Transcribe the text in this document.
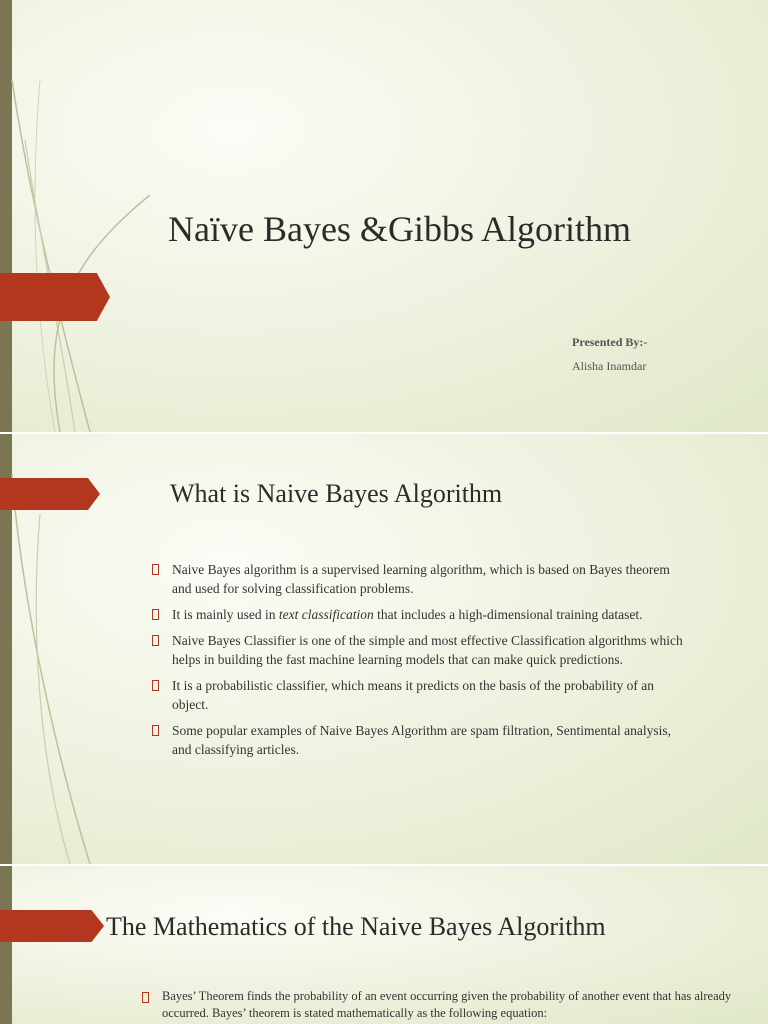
Naïve Bayes &Gibbs Algorithm
Presented By:-
Alisha Inamdar
What is Naive Bayes Algorithm
Naive Bayes algorithm is a supervised learning algorithm, which is based on Bayes theorem and used for solving classification problems.
It is mainly used in text classification that includes a high-dimensional training dataset.
Naive Bayes Classifier is one of the simple and most effective Classification algorithms which helps in building the fast machine learning models that can make quick predictions.
It is a probabilistic classifier, which means it predicts on the basis of the probability of an object.
Some popular examples of Naive Bayes Algorithm are spam filtration, Sentimental analysis, and classifying articles.
The Mathematics of the Naive Bayes Algorithm
Bayes’ Theorem finds the probability of an event occurring given the probability of another event that has already occurred. Bayes’ theorem is stated mathematically as the following equation:
